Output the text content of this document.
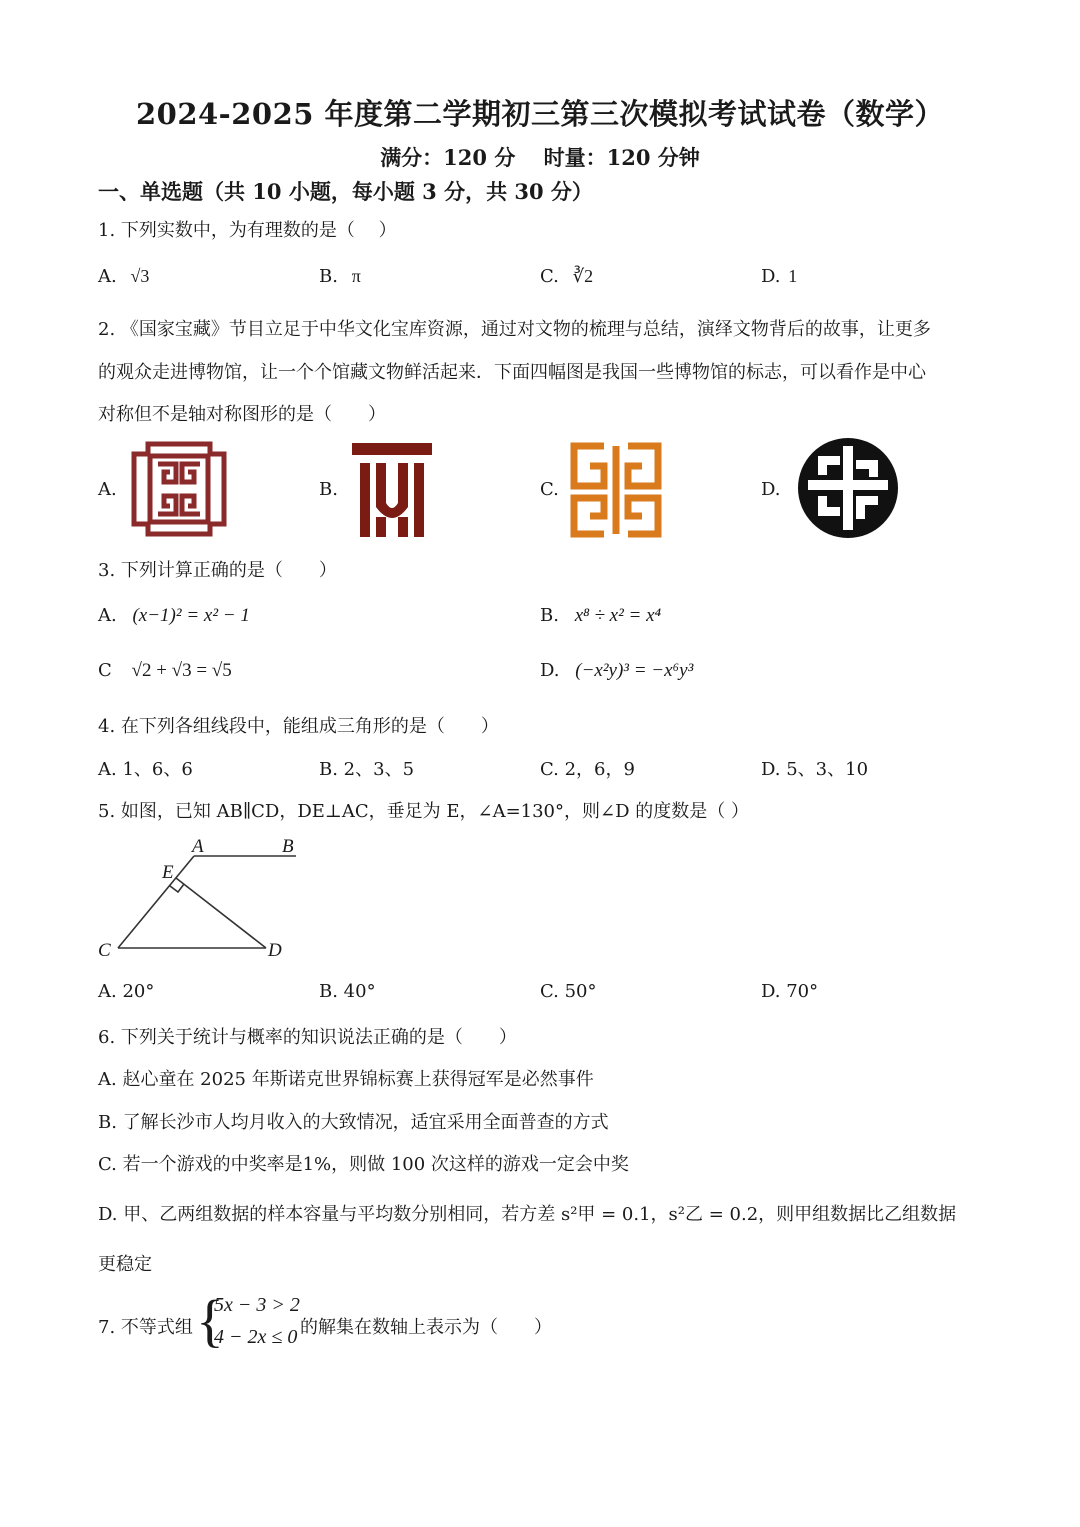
2024-2025 年度第二学期初三第三次模拟考试试卷（数学）
满分：120 分　 时量：120 分钟
一、单选题（共 10 小题，每小题 3 分，共 30 分）
1. 下列实数中，为有理数的是（　 ）
A. √3	B. π	C. ∛2	D. 1
2. 《国家宝藏》节目立足于中华文化宝库资源，通过对文物的梳理与总结，演绎文物背后的故事，让更多
的观众走进博物馆，让一个个馆藏文物鲜活起来．下面四幅图是我国一些博物馆的标志，可以看作是中心
对称但不是轴对称图形的是（　　）
A.	B.	C.	D.
3. 下列计算正确的是（　　）
A. (x−1)² = x² − 1	B. x⁸ ÷ x² = x⁴
C √2 + √3 = √5	D. (−x²y)³ = −x⁶y³
4. 在下列各组线段中，能组成三角形的是（　　）
A. 1、6、6	B. 2、3、5	C. 2，6，9	D. 5、3、10
5. 如图，已知 AB∥CD，DE⊥AC，垂足为 E，∠A=130°，则∠D 的度数是（ ）
A	B
E
C	D
A. 20°	B. 40°	C. 50°	D. 70°
6. 下列关于统计与概率的知识说法正确的是（　　）
A. 赵心童在 2025 年斯诺克世界锦标赛上获得冠军是必然事件
B. 了解长沙市人均月收入的大致情况，适宜采用全面普查的方式
C. 若一个游戏的中奖率是1%，则做 100 次这样的游戏一定会中奖
D. 甲、乙两组数据的样本容量与平均数分别相同，若方差 s²甲 = 0.1，s²乙 = 0.2，则甲组数据比乙组数据
更稳定
7. 不等式组 {
5x − 3 > 2
4 − 2x ≤ 0 的解集在数轴上表示为（　　）
